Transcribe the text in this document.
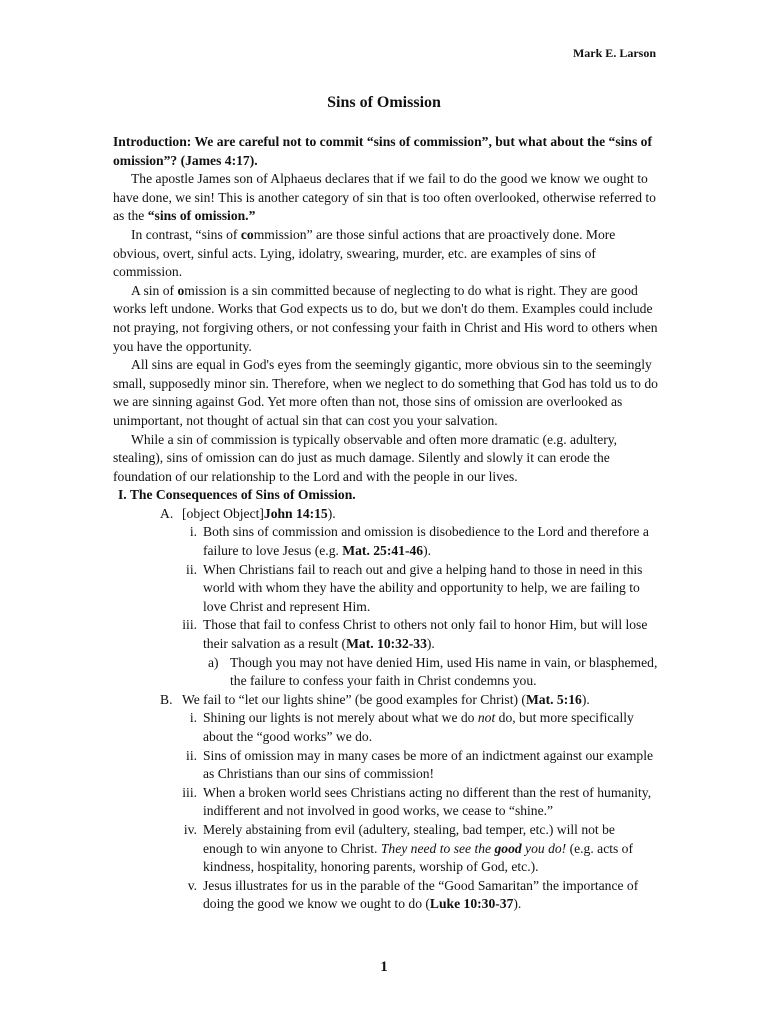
Mark E. Larson
Sins of Omission

Introduction: We are careful not to commit “sins of commission”, but what about the “sins of omission”? (James 4:17).

The apostle James son of Alphaeus declares that if we fail to do the good we know we ought to have done, we sin! This is another category of sin that is too often overlooked, otherwise referred to as the “sins of omission.”

In contrast, “sins of commission” are those sinful actions that are proactively done. More obvious, overt, sinful acts. Lying, idolatry, swearing, murder, etc. are examples of sins of commission.

A sin of omission is a sin committed because of neglecting to do what is right. They are good works left undone. Works that God expects us to do, but we don't do them. Examples could include not praying, not forgiving others, or not confessing your faith in Christ and His word to others when you have the opportunity.

All sins are equal in God's eyes from the seemingly gigantic, more obvious sin to the seemingly small, supposedly minor sin. Therefore, when we neglect to do something that God has told us to do we are sinning against God. Yet more often than not, those sins of omission are overlooked as unimportant, not thought of actual sin that can cost you your salvation.

While a sin of commission is typically observable and often more dramatic (e.g. adultery, stealing), sins of omission can do just as much damage. Silently and slowly it can erode the foundation of our relationship to the Lord and with the people in our lives.

I. The Consequences of Sins of Omission.

A. [object Object]John 14:15).
i. Both sins of commission and omission is disobedience to the Lord and therefore a failure to love Jesus (e.g. Mat. 25:41-46).
ii. When Christians fail to reach out and give a helping hand to those in need in this world with whom they have the ability and opportunity to help, we are failing to love Christ and represent Him.
iii. Those that fail to confess Christ to others not only fail to honor Him, but will lose their salvation as a result (Mat. 10:32-33).
a) Though you may not have denied Him, used His name in vain, or blasphemed, the failure to confess your faith in Christ condemns you.
B. We fail to “let our lights shine” (be good examples for Christ) (Mat. 5:16).
i. Shining our lights is not merely about what we do not do, but more specifically about the “good works” we do.
ii. Sins of omission may in many cases be more of an indictment against our example as Christians than our sins of commission!
iii. When a broken world sees Christians acting no different than the rest of humanity, indifferent and not involved in good works, we cease to “shine.”
iv. Merely abstaining from evil (adultery, stealing, bad temper, etc.) will not be enough to win anyone to Christ. They need to see the good you do! (e.g. acts of kindness, hospitality, honoring parents, worship of God, etc.).
v. Jesus illustrates for us in the parable of the “Good Samaritan” the importance of doing the good we know we ought to do (Luke 10:30-37).
1
